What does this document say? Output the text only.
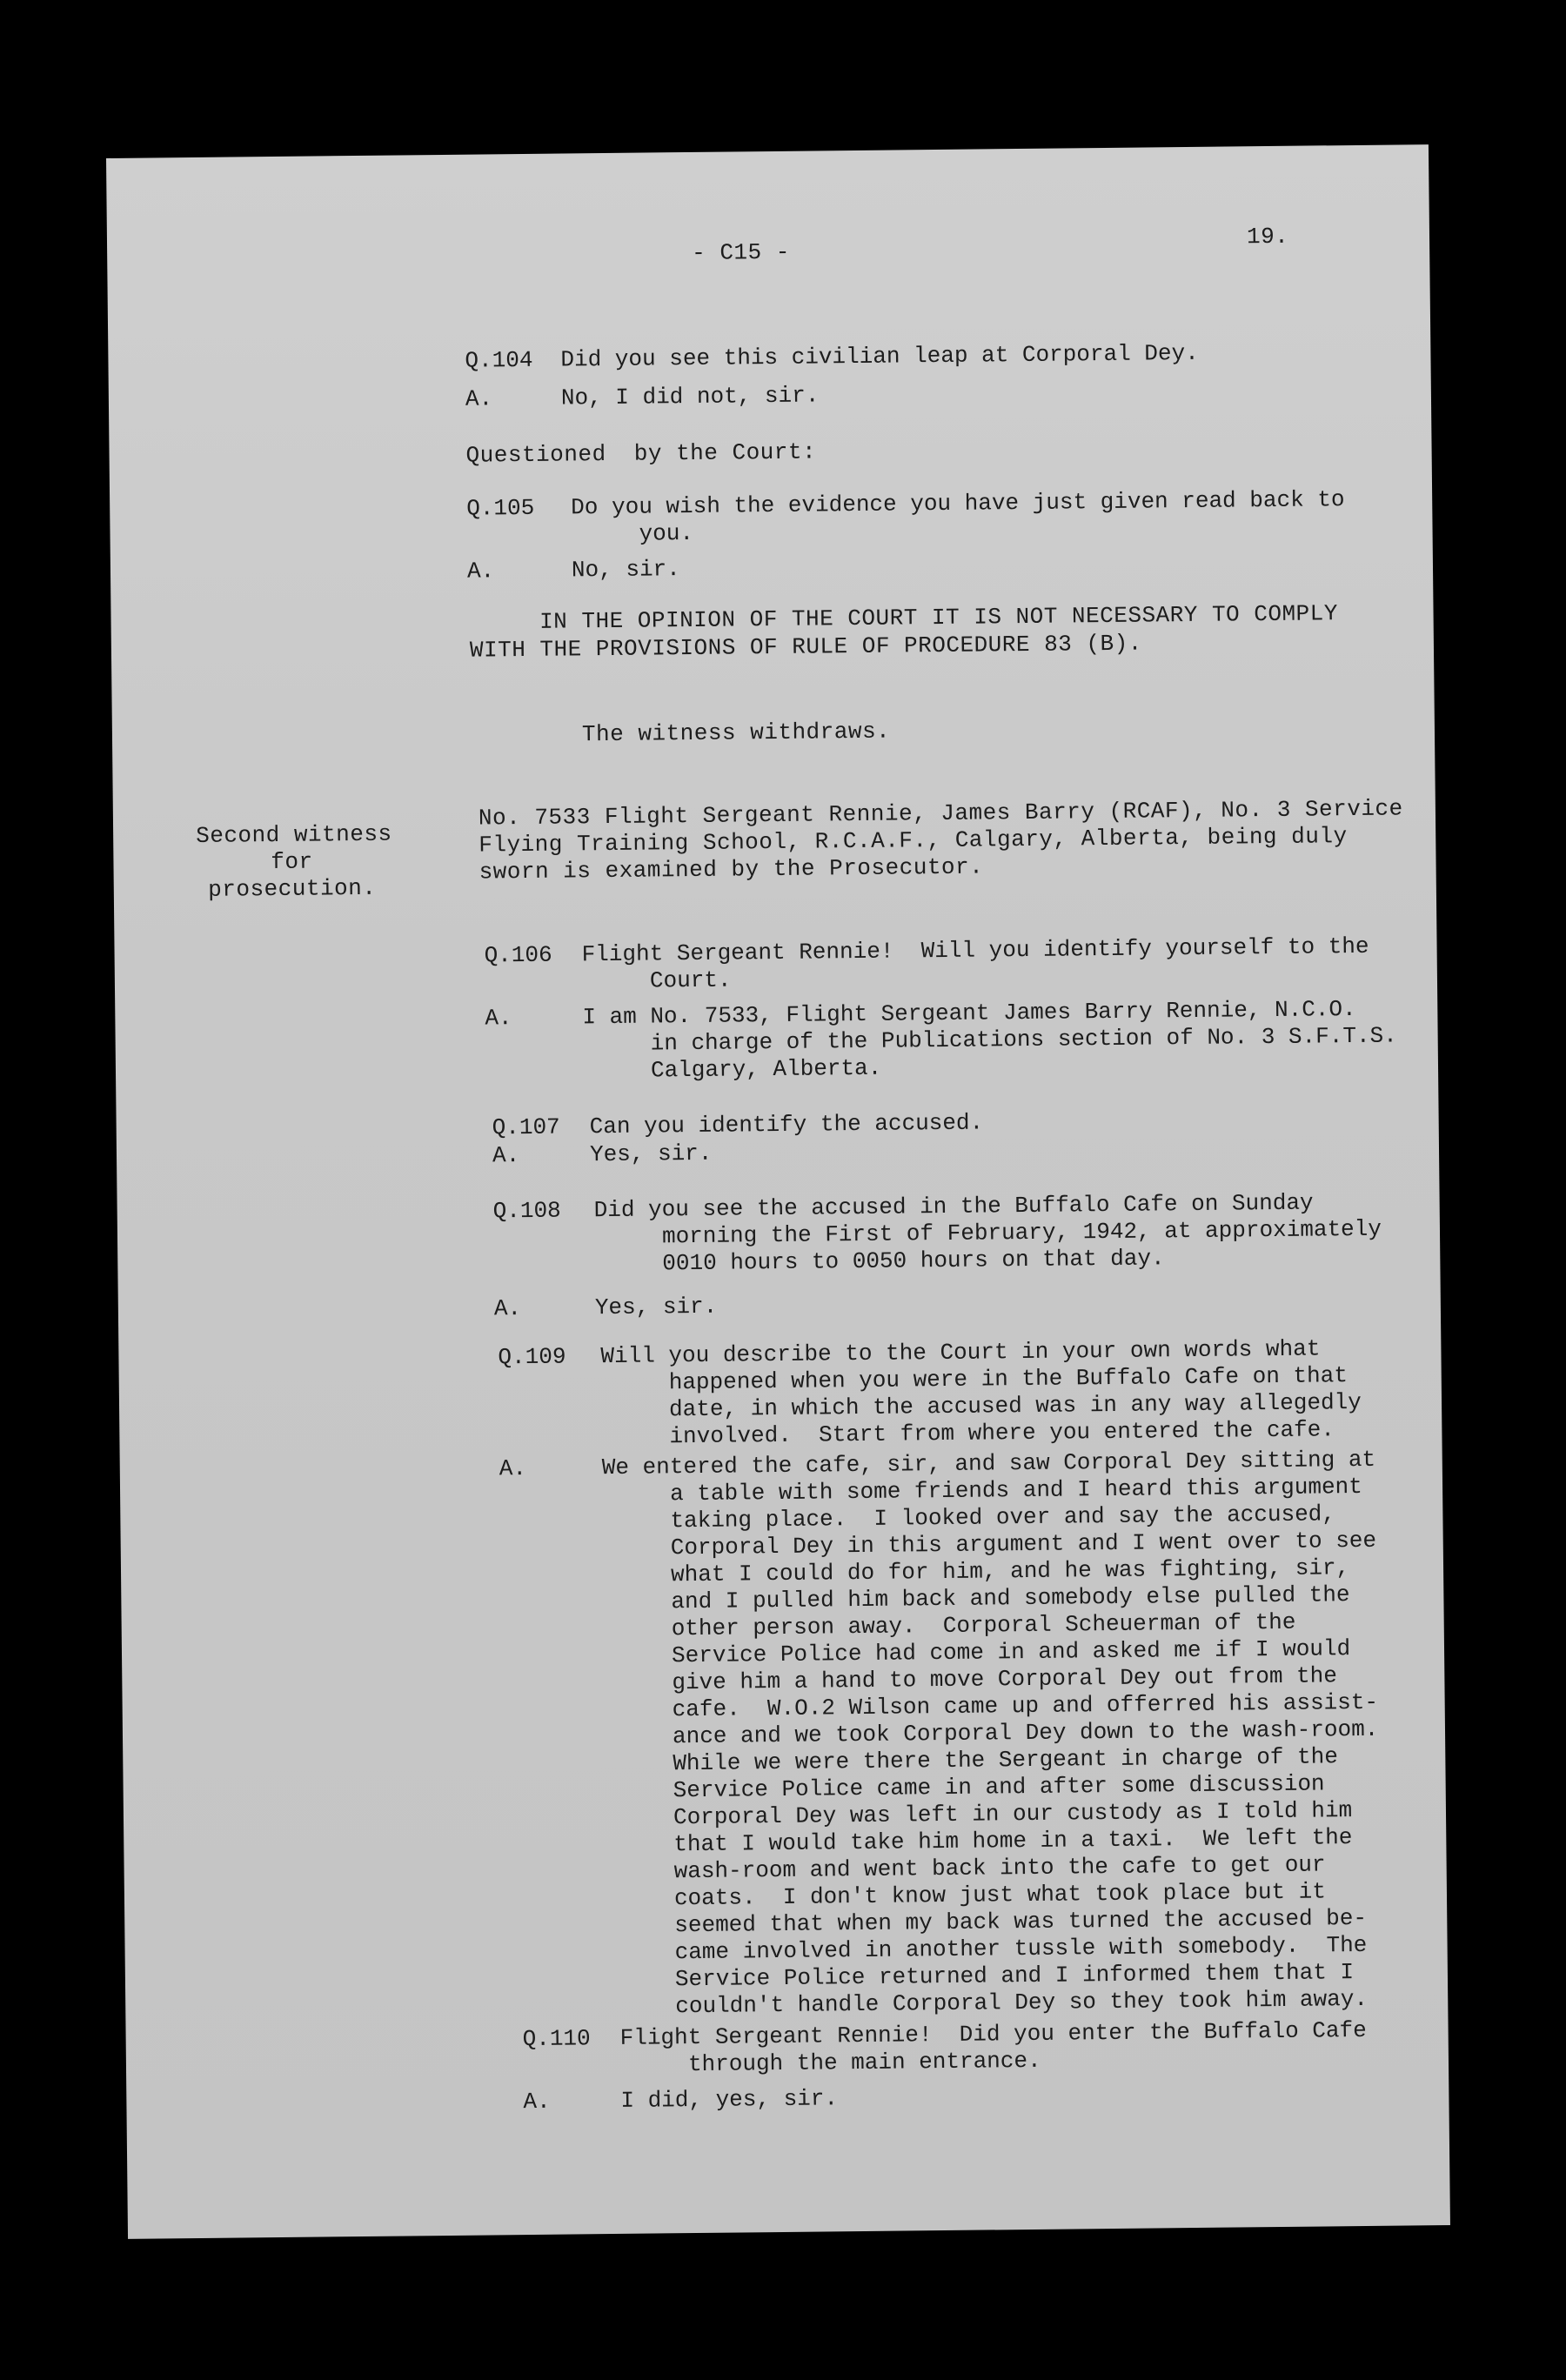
- C15 -
19.
Q.104 Did you see this civilian leap at Corporal Dey.
A.	No, I did not, sir.
Questioned  by the Court:
Q.105 Do you wish the evidence you have just given read back to
you.
A.	No, sir.
IN THE OPINION OF THE COURT IT IS NOT NECESSARY TO COMPLY
WITH THE PROVISIONS OF RULE OF PROCEDURE 83 (B).
The witness withdraws.
Second witness
for
prosecution.
No. 7533 Flight Sergeant Rennie, James Barry (RCAF), No. 3 Service
Flying Training School, R.C.A.F., Calgary, Alberta, being duly
sworn is examined by the Prosecutor.
Q.106 Flight Sergeant Rennie!  Will you identify yourself to the
Court.
A.	I am No. 7533, Flight Sergeant James Barry Rennie, N.C.O.
in charge of the Publications section of No. 3 S.F.T.S.
Calgary, Alberta.
Q.107 Can you identify the accused.
A.	Yes, sir.
Q.108 Did you see the accused in the Buffalo Cafe on Sunday
morning the First of February, 1942, at approximately
0010 hours to 0050 hours on that day.
A.	Yes, sir.
Q.109 Will you describe to the Court in your own words what
happened when you were in the Buffalo Cafe on that
date, in which the accused was in any way allegedly
involved.  Start from where you entered the cafe.
A.	We entered the cafe, sir, and saw Corporal Dey sitting at
a table with some friends and I heard this argument
taking place.  I looked over and say the accused,
Corporal Dey in this argument and I went over to see
what I could do for him, and he was fighting, sir,
and I pulled him back and somebody else pulled the
other person away.  Corporal Scheuerman of the
Service Police had come in and asked me if I would
give him a hand to move Corporal Dey out from the
cafe.  W.O.2 Wilson came up and offerred his assist-
ance and we took Corporal Dey down to the wash-room.
While we were there the Sergeant in charge of the
Service Police came in and after some discussion
Corporal Dey was left in our custody as I told him
that I would take him home in a taxi.  We left the
wash-room and went back into the cafe to get our
coats.  I don't know just what took place but it
seemed that when my back was turned the accused be-
came involved in another tussle with somebody.  The
Service Police returned and I informed them that I
couldn't handle Corporal Dey so they took him away.
Q.110 Flight Sergeant Rennie!  Did you enter the Buffalo Cafe
through the main entrance.
A.	I did, yes, sir.
